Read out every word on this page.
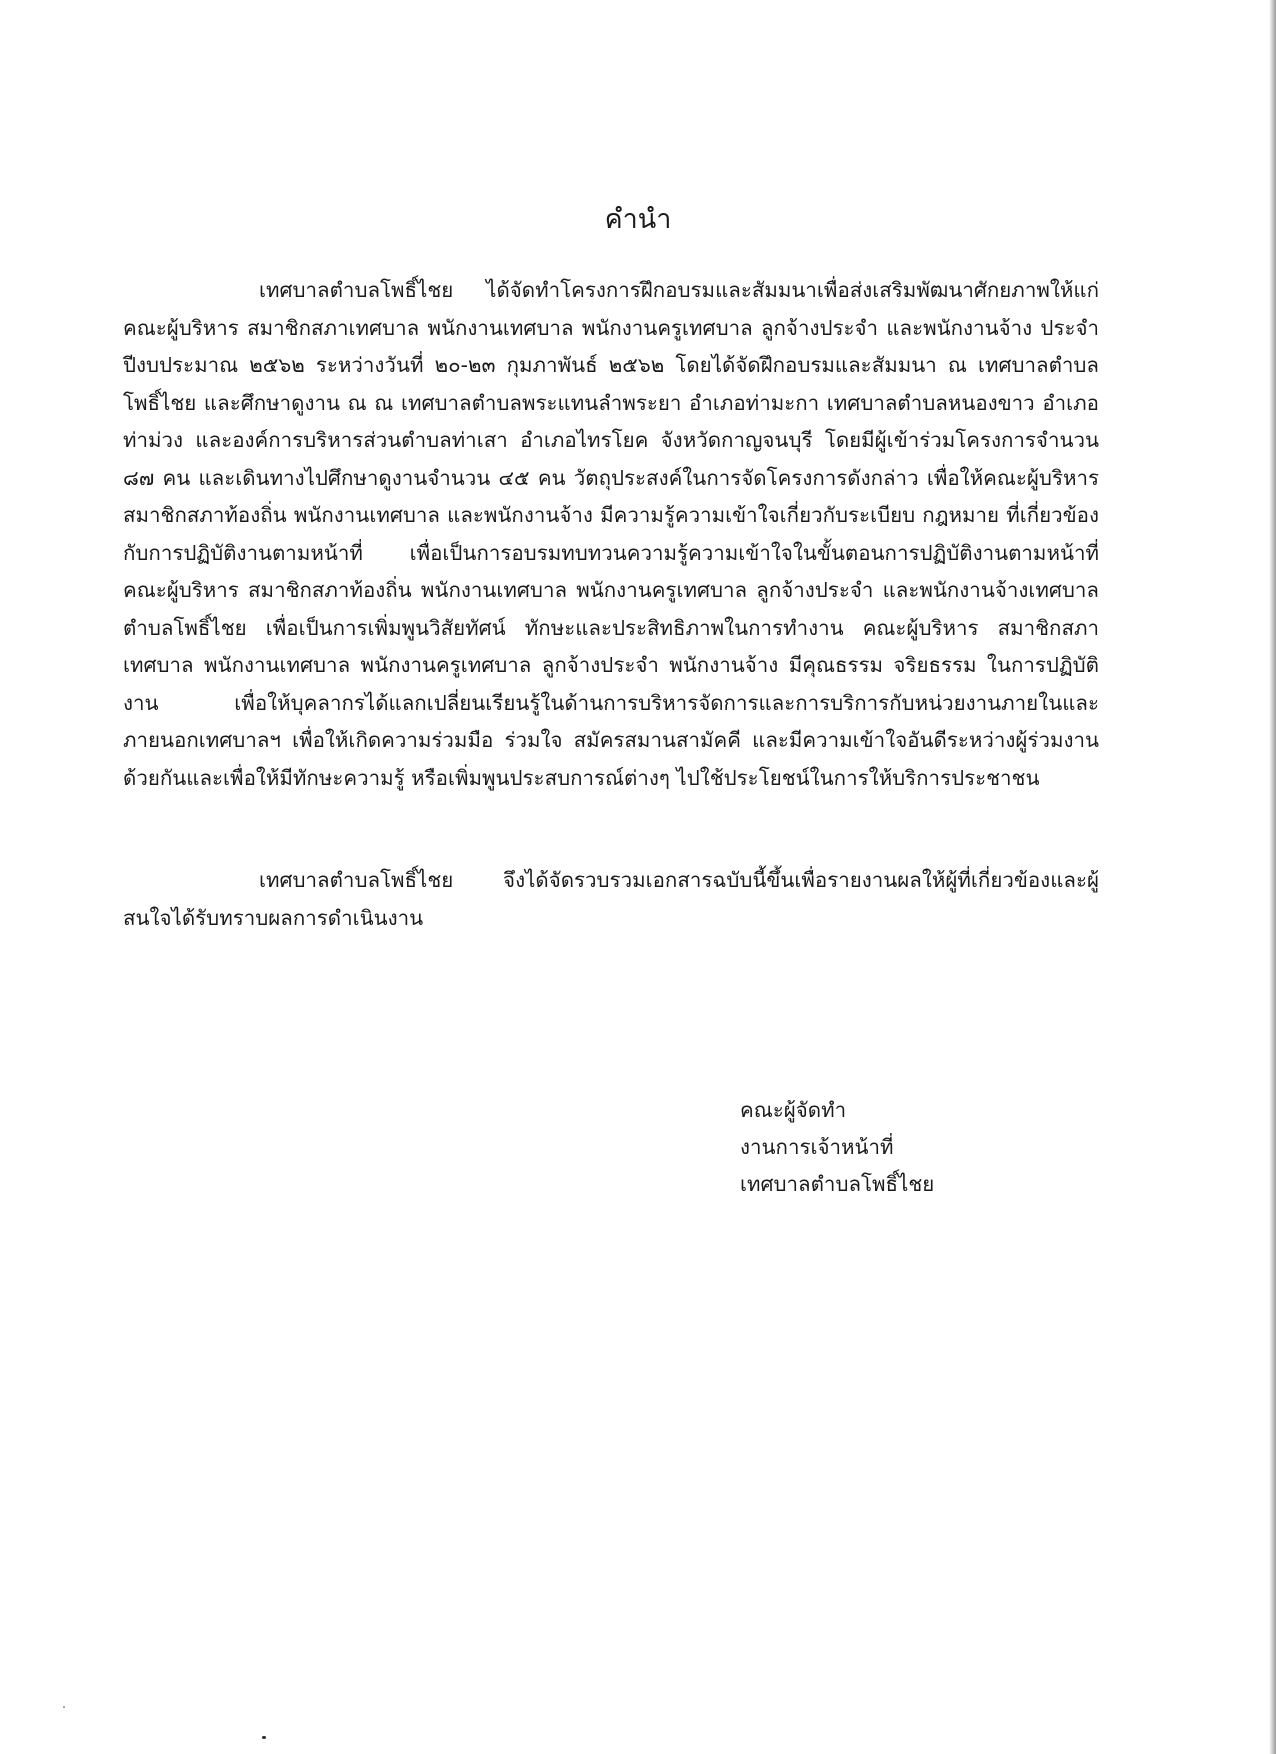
คำนำ

เทศบาลตำบลโพธิ์ไชย ได้จัดทำโครงการฝึกอบรมและสัมมนาเพื่อส่งเสริมพัฒนาศักยภาพให้แก่ คณะผู้บริหาร สมาชิกสภาเทศบาล พนักงานเทศบาล พนักงานครูเทศบาล ลูกจ้างประจำ และพนักงานจ้าง ประจำปีงบประมาณ ๒๕๖๒ ระหว่างวันที่ ๒๐-๒๓ กุมภาพันธ์ ๒๕๖๒ โดยได้จัดฝึกอบรมและสัมมนา ณ เทศบาลตำบลโพธิ์ไชย และศึกษาดูงาน ณ ณ เทศบาลตำบลพระแทนลำพระยา อำเภอท่ามะกา เทศบาลตำบลหนองขาว อำเภอท่าม่วง และองค์การบริหารส่วนตำบลท่าเสา อำเภอไทรโยค จังหวัดกาญจนบุรี โดยมีผู้เข้าร่วมโครงการจำนวน ๘๗ คน และเดินทางไปศึกษาดูงานจำนวน ๔๕ คน วัตถุประสงค์ในการจัดโครงการดังกล่าว เพื่อให้คณะผู้บริหาร สมาชิกสภาท้องถิ่น พนักงานเทศบาล และพนักงานจ้าง มีความรู้ความเข้าใจเกี่ยวกับระเบียบ กฎหมาย ที่เกี่ยวข้องกับการปฏิบัติงานตามหน้าที่ เพื่อเป็นการอบรมทบทวนความรู้ความเข้าใจในขั้นตอนการปฏิบัติงานตามหน้าที่คณะผู้บริหาร สมาชิกสภาท้องถิ่น พนักงานเทศบาล พนักงานครูเทศบาล ลูกจ้างประจำ และพนักงานจ้างเทศบาลตำบลโพธิ์ไชย เพื่อเป็นการเพิ่มพูนวิสัยทัศน์ ทักษะและประสิทธิภาพในการทำงาน คณะผู้บริหาร สมาชิกสภาเทศบาล พนักงานเทศบาล พนักงานครูเทศบาล ลูกจ้างประจำ พนักงานจ้าง มีคุณธรรม จริยธรรม ในการปฏิบัติงาน เพื่อให้บุคลากรได้แลกเปลี่ยนเรียนรู้ในด้านการบริหารจัดการและการบริการกับหน่วยงานภายในและภายนอกเทศบาลฯ เพื่อให้เกิดความร่วมมือ ร่วมใจ สมัครสมานสามัคคี และมีความเข้าใจอันดีระหว่างผู้ร่วมงานด้วยกันและเพื่อให้มีทักษะความรู้ หรือเพิ่มพูนประสบการณ์ต่างๆ ไปใช้ประโยชน์ในการให้บริการประชาชน

เทศบาลตำบลโพธิ์ไชย จึงได้จัดรวบรวมเอกสารฉบับนี้ขึ้นเพื่อรายงานผลให้ผู้ที่เกี่ยวข้องและผู้สนใจได้รับทราบผลการดำเนินงาน

คณะผู้จัดทำ
งานการเจ้าหน้าที่
เทศบาลตำบลโพธิ์ไชย
